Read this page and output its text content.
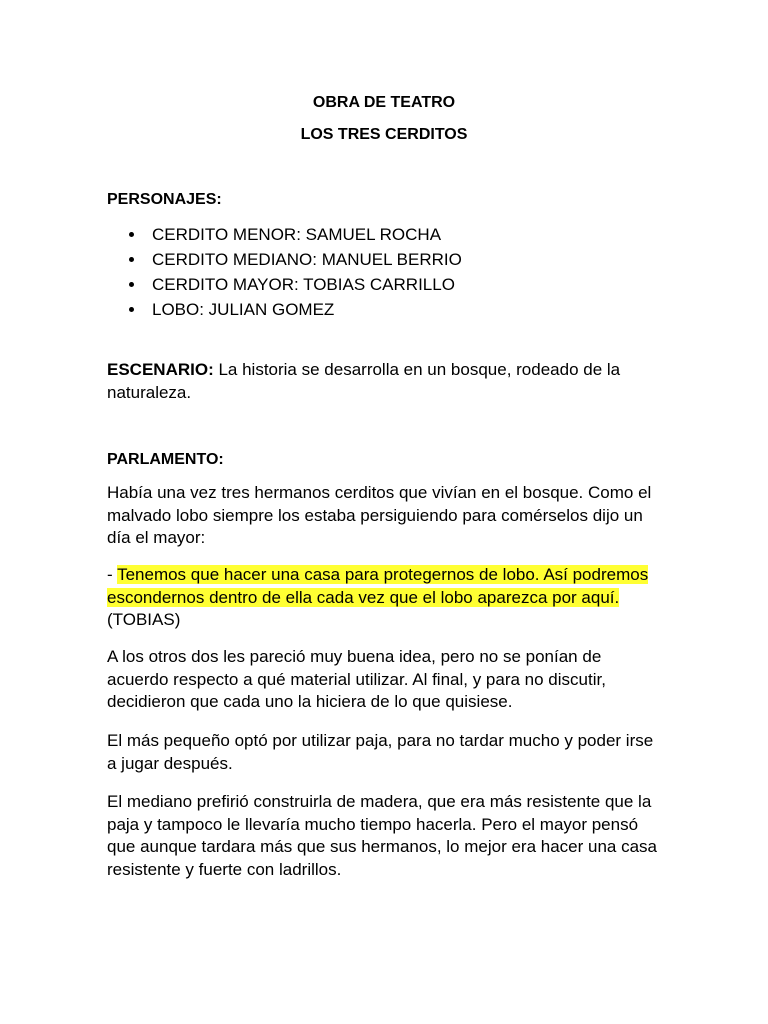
OBRA DE TEATRO
LOS TRES CERDITOS
PERSONAJES:
CERDITO MENOR: SAMUEL ROCHA
CERDITO MEDIANO: MANUEL BERRIO
CERDITO MAYOR: TOBIAS CARRILLO
LOBO: JULIAN GOMEZ
ESCENARIO: La historia se desarrolla en un bosque, rodeado de la naturaleza.
PARLAMENTO:
Había una vez tres hermanos cerditos que vivían en el bosque. Como el malvado lobo siempre los estaba persiguiendo para comérselos dijo un día el mayor:
- Tenemos que hacer una casa para protegernos de lobo. Así podremos escondernos dentro de ella cada vez que el lobo aparezca por aquí. (TOBIAS)
A los otros dos les pareció muy buena idea, pero no se ponían de acuerdo respecto a qué material utilizar. Al final, y para no discutir, decidieron que cada uno la hiciera de lo que quisiese.
El más pequeño optó por utilizar paja, para no tardar mucho y poder irse a jugar después.
El mediano prefirió construirla de madera, que era más resistente que la paja y tampoco le llevaría mucho tiempo hacerla. Pero el mayor pensó que aunque tardara más que sus hermanos, lo mejor era hacer una casa resistente y fuerte con ladrillos.
